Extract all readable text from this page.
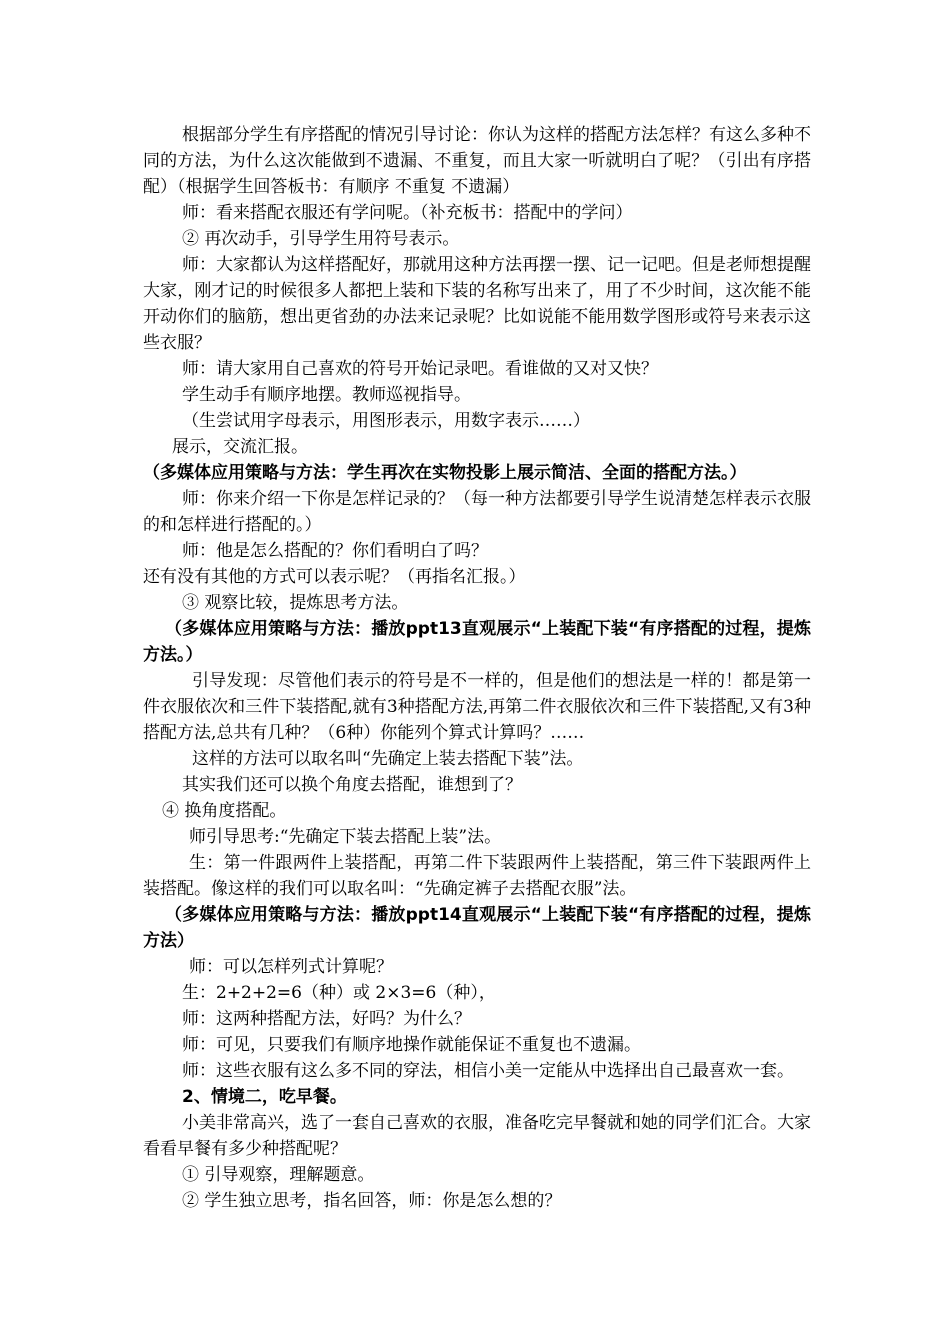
根据部分学生有序搭配的情况引导讨论：你认为这样的搭配方法怎样？有这么多种不同的方法，为什么这次能做到不遗漏、不重复，而且大家一听就明白了呢？（引出有序搭配）（根据学生回答板书：有顺序 不重复 不遗漏）

师：看来搭配衣服还有学问呢。（补充板书：搭配中的学问）

② 再次动手，引导学生用符号表示。

师：大家都认为这样搭配好，那就用这种方法再摆一摆、记一记吧。但是老师想提醒大家，刚才记的时候很多人都把上装和下装的名称写出来了，用了不少时间，这次能不能开动你们的脑筋，想出更省劲的办法来记录呢？比如说能不能用数学图形或符号来表示这些衣服？

师：请大家用自己喜欢的符号开始记录吧。看谁做的又对又快？

学生动手有顺序地摆。教师巡视指导。

（生尝试用字母表示，用图形表示，用数字表示……）

展示，交流汇报。

（多媒体应用策略与方法：学生再次在实物投影上展示简洁、全面的搭配方法。）

师：你来介绍一下你是怎样记录的？（每一种方法都要引导学生说清楚怎样表示衣服的和怎样进行搭配的。）

师：他是怎么搭配的？你们看明白了吗？

还有没有其他的方式可以表示呢？（再指名汇报。）

③ 观察比较，提炼思考方法。

（多媒体应用策略与方法：播放ppt13直观展示“上装配下装“有序搭配的过程，提炼方法。）

引导发现：尽管他们表示的符号是不一样的，但是他们的想法是一样的！都是第一件衣服依次和三件下装搭配,就有3种搭配方法,再第二件衣服依次和三件下装搭配,又有3种搭配方法,总共有几种？（6种）你能列个算式计算吗？……

这样的方法可以取名叫“先确定上装去搭配下装”法。

其实我们还可以换个角度去搭配，谁想到了？

④ 换角度搭配。

师引导思考:“先确定下装去搭配上装”法。

生：第一件跟两件上装搭配，再第二件下装跟两件上装搭配，第三件下装跟两件上装搭配。像这样的我们可以取名叫：“先确定裤子去搭配衣服”法。

（多媒体应用策略与方法：播放ppt14直观展示“上装配下装“有序搭配的过程，提炼方法）

师：可以怎样列式计算呢？

生：2+2+2=6（种）或 2×3=6（种），

师：这两种搭配方法，好吗？为什么？

师：可见，只要我们有顺序地操作就能保证不重复也不遗漏。

师：这些衣服有这么多不同的穿法，相信小美一定能从中选择出自己最喜欢一套。

2、情境二，吃早餐。

小美非常高兴，选了一套自己喜欢的衣服，准备吃完早餐就和她的同学们汇合。大家看看早餐有多少种搭配呢？

① 引导观察，理解题意。

② 学生独立思考，指名回答，师：你是怎么想的？
